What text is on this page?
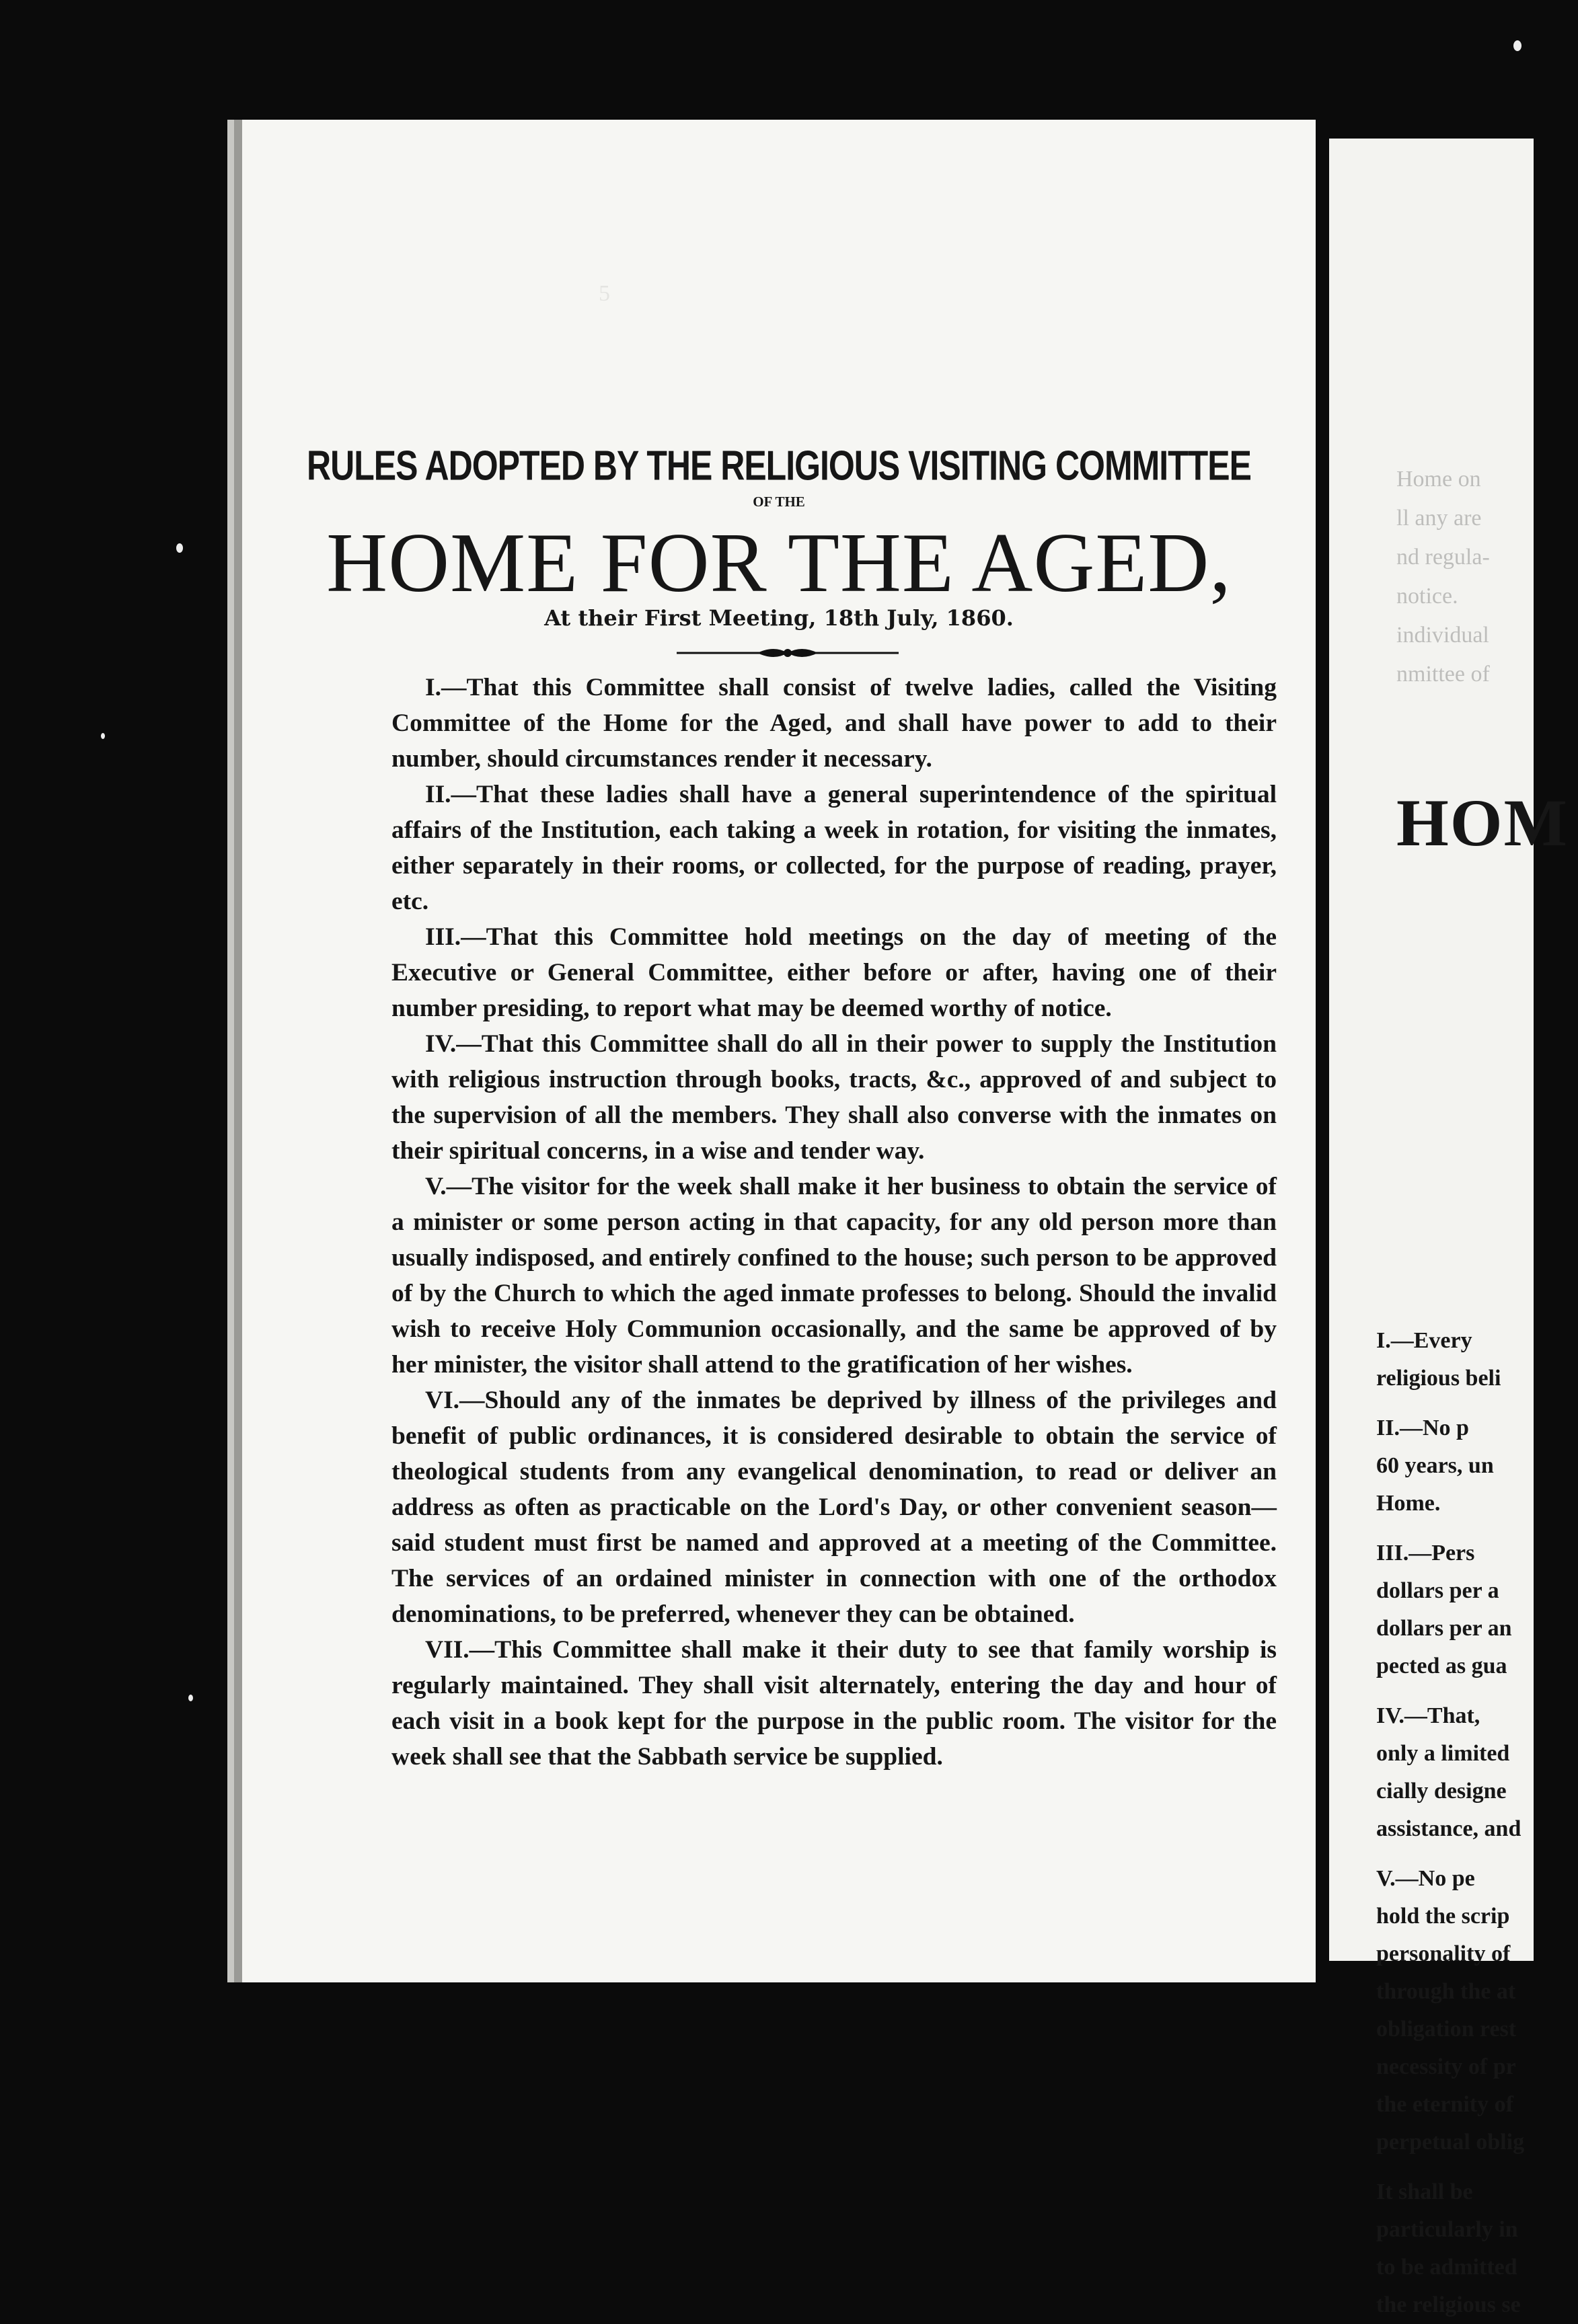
5
RULES ADOPTED BY THE RELIGIOUS VISITING COMMITTEE
OF THE
HOME FOR THE AGED,
At their First Meeting, 18th July, 1860.

I.—That this Committee shall consist of twelve ladies, called the Visiting Committee of the Home for the Aged, and shall have power to add to their number, should circumstances render it necessary.

II.—That these ladies shall have a general superintendence of the spiritual affairs of the Institution, each taking a week in rotation, for visiting the inmates, either separately in their rooms, or collected, for the purpose of reading, prayer, etc.

III.—That this Committee hold meetings on the day of meeting of the Executive or General Committee, either before or after, having one of their number presiding, to report what may be deemed worthy of notice.

IV.—That this Committee shall do all in their power to supply the Institution with religious instruction through books, tracts, &c., approved of and subject to the supervision of all the members. They shall also converse with the inmates on their spiritual concerns, in a wise and tender way.

V.—The visitor for the week shall make it her business to obtain the service of a minister or some person acting in that capacity, for any old person more than usually indisposed, and entirely confined to the house; such person to be approved of by the Church to which the aged inmate professes to belong. Should the invalid wish to receive Holy Communion occasionally, and the same be approved of by her minister, the visitor shall attend to the gratification of her wishes.

VI.—Should any of the inmates be deprived by illness of the privileges and benefit of public ordinances, it is considered desirable to obtain the service of theological students from any evangelical denomination, to read or deliver an address as often as practicable on the Lord's Day, or other convenient season—said student must first be named and approved at a meeting of the Committee. The services of an ordained minister in connection with one of the orthodox denominations, to be preferred, whenever they can be obtained.

VII.—This Committee shall make it their duty to see that family worship is regularly maintained. They shall visit alternately, entering the day and hour of each visit in a book kept for the purpose in the public room. The visitor for the week shall see that the Sabbath service be supplied.

Home on
ll any are
nd regula-
notice.
individual
nmittee of
HOM
I.—Every
religious beli
II.—No p
60 years, un
Home.
III.—Pers
dollars per a
dollars per an
pected as gua
IV.—That,
only a limited
cially designe
assistance, and
V.—No pe
hold the scrip
personality of
through the at
obligation rest
necessity of pr
the eternity of
perpetual oblig
It shall be
particularly in
to be admitted
the religious se
